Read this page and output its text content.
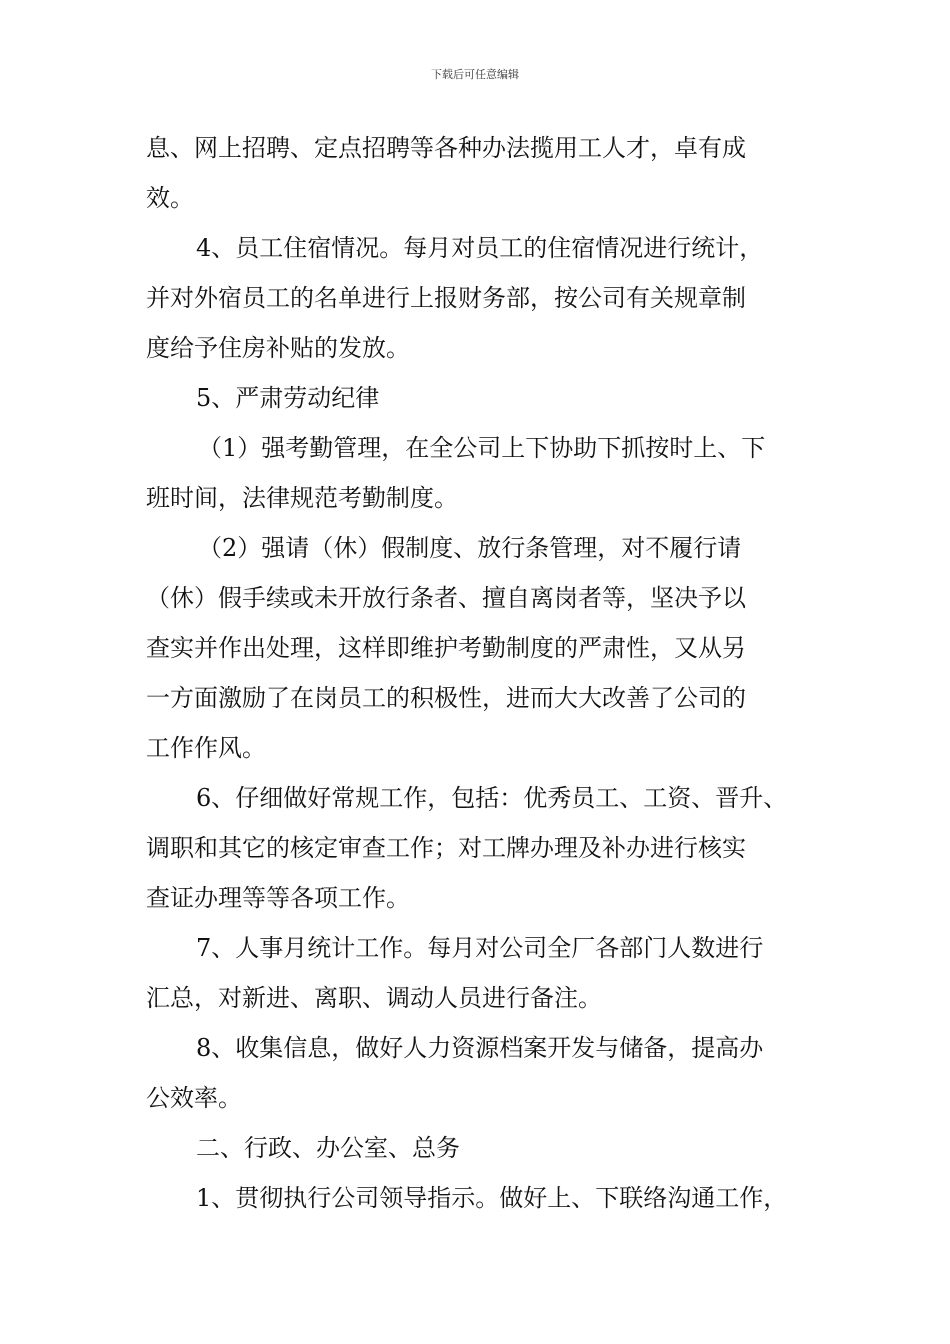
下载后可任意编辑
息、网上招聘、定点招聘等各种办法揽用工人才，卓有成
效。
4、员工住宿情况。每月对员工的住宿情况进行统计，
并对外宿员工的名单进行上报财务部，按公司有关规章制
度给予住房补贴的发放。
5、严肃劳动纪律
（1）强考勤管理，在全公司上下协助下抓按时上、下
班时间，法律规范考勤制度。
（2）强请（休）假制度、放行条管理，对不履行请
（休）假手续或未开放行条者、擅自离岗者等，坚决予以
查实并作出处理，这样即维护考勤制度的严肃性，又从另
一方面激励了在岗员工的积极性，进而大大改善了公司的
工作作风。
6、仔细做好常规工作，包括：优秀员工、工资、晋升、
调职和其它的核定审查工作；对工牌办理及补办进行核实
查证办理等等各项工作。
7、人事月统计工作。每月对公司全厂各部门人数进行
汇总，对新进、离职、调动人员进行备注。
8、收集信息，做好人力资源档案开发与储备，提高办
公效率。
二、行政、办公室、总务
1、贯彻执行公司领导指示。做好上、下联络沟通工作，
